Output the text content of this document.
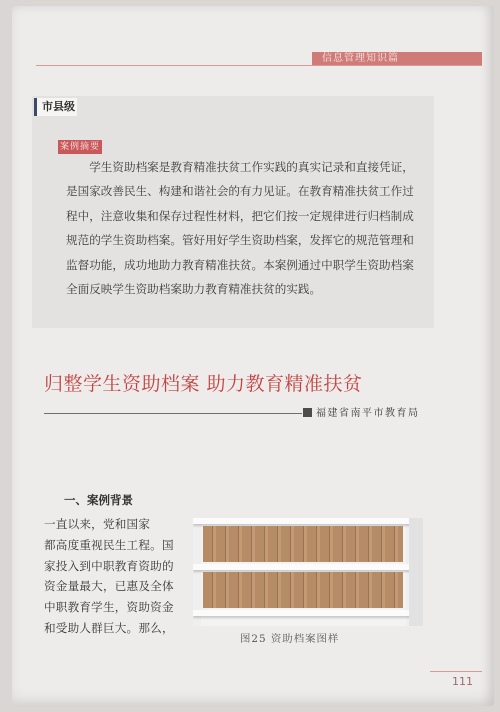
信息管理知识篇
市县级
案例摘要

学生资助档案是教育精准扶贫工作实践的真实记录和直接凭证，是国家改善民生、构建和谐社会的有力见证。在教育精准扶贫工作过程中，注意收集和保存过程性材料，把它们按一定规律进行归档制成规范的学生资助档案。管好用好学生资助档案，发挥它的规范管理和监督功能，成功地助力教育精准扶贫。本案例通过中职学生资助档案全面反映学生资助档案助力教育精准扶贫的实践。

归整学生资助档案 助力教育精准扶贫
福建省南平市教育局
一、案例背景
一直以来，党和国家
都高度重视民生工程。国
家投入到中职教育资助的
资金量最大，已惠及全体
中职教育学生，资助资金
和受助人群巨大。那么，
图25 资助档案图样
111
